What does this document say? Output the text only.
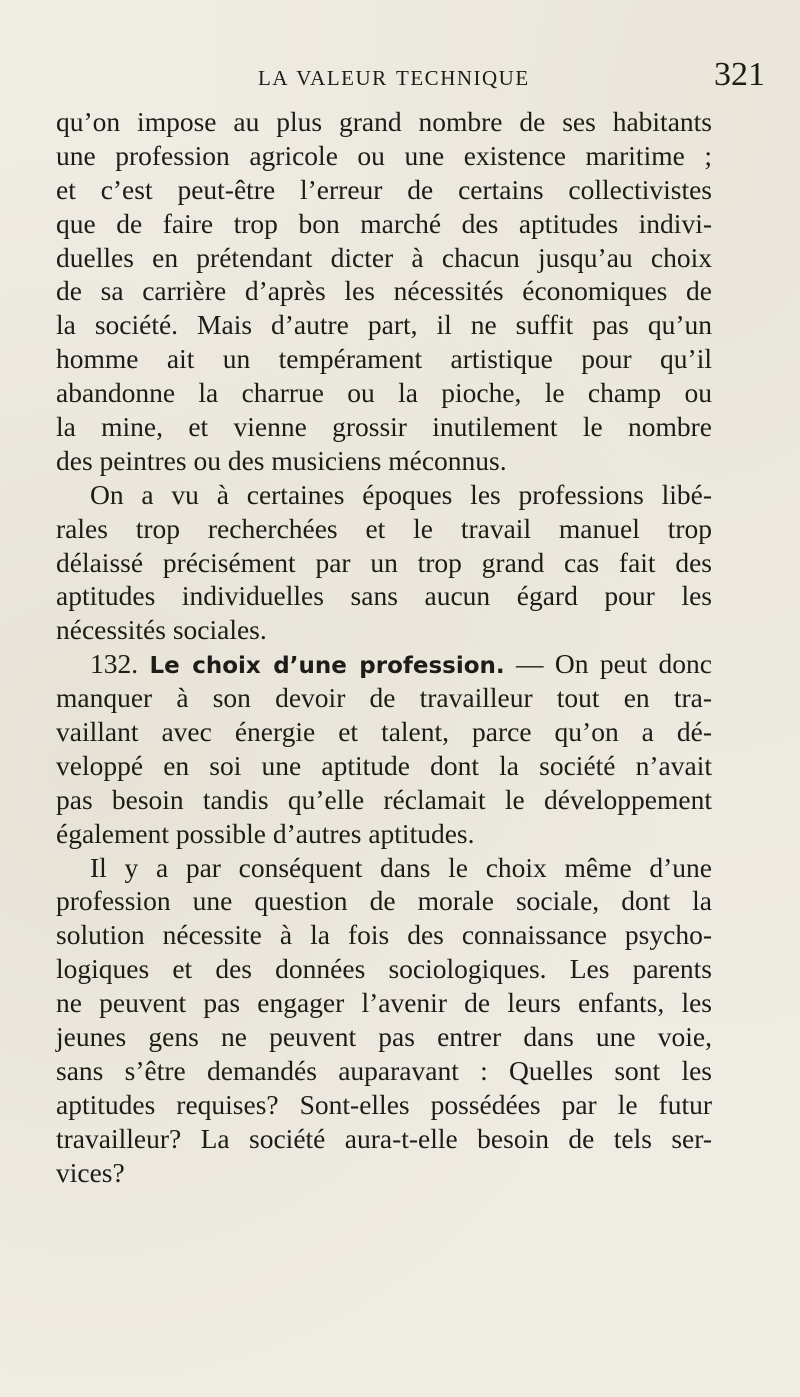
LA VALEUR TECHNIQUE	321
qu’on impose au plus grand nombre de ses habitants
une profession agricole ou une existence maritime ;
et c’est peut-être l’erreur de certains collectivistes
que de faire trop bon marché des aptitudes indivi-
duelles en prétendant dicter à chacun jusqu’au choix
de sa carrière d’après les nécessités économiques de
la société. Mais d’autre part, il ne suffit pas qu’un
homme ait un tempérament artistique pour qu’il
abandonne la charrue ou la pioche, le champ ou
la mine, et vienne grossir inutilement le nombre
des peintres ou des musiciens méconnus.
On a vu à certaines époques les professions libé-
rales trop recherchées et le travail manuel trop
délaissé précisément par un trop grand cas fait des
aptitudes individuelles sans aucun égard pour les
nécessités sociales.
132. Le choix d’une profession. — On peut donc
manquer à son devoir de travailleur tout en tra-
vaillant avec énergie et talent, parce qu’on a dé-
veloppé en soi une aptitude dont la société n’avait
pas besoin tandis qu’elle réclamait le développement
également possible d’autres aptitudes.
Il y a par conséquent dans le choix même d’une
profession une question de morale sociale, dont la
solution nécessite à la fois des connaissance psycho-
logiques et des données sociologiques. Les parents
ne peuvent pas engager l’avenir de leurs enfants, les
jeunes gens ne peuvent pas entrer dans une voie,
sans s’être demandés auparavant : Quelles sont les
aptitudes requises? Sont-elles possédées par le futur
travailleur? La société aura-t-elle besoin de tels ser-
vices?
